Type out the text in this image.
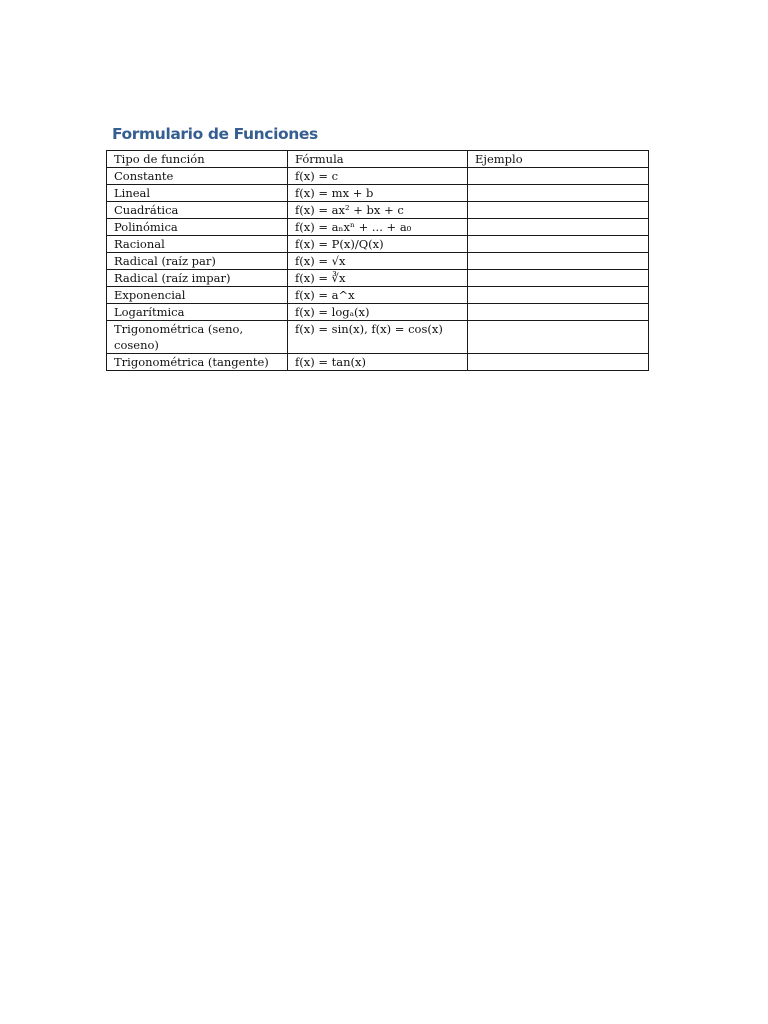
Formulario de Funciones
Tipo de función	Fórmula	Ejemplo

Constante	f(x) = c	

Lineal	f(x) = mx + b	

Cuadrática	f(x) = ax² + bx + c	

Polinómica	f(x) = aₙxⁿ + ... + a₀	

Racional	f(x) = P(x)/Q(x)	

Radical (raíz par)	f(x) = √x	

Radical (raíz impar)	f(x) = ∛x	

Exponencial	f(x) = a^x	

Logarítmica	f(x) = logₐ(x)	

Trigonométrica (seno, coseno)	f(x) = sin(x), f(x) = cos(x)	

Trigonométrica (tangente)	f(x) = tan(x)	
